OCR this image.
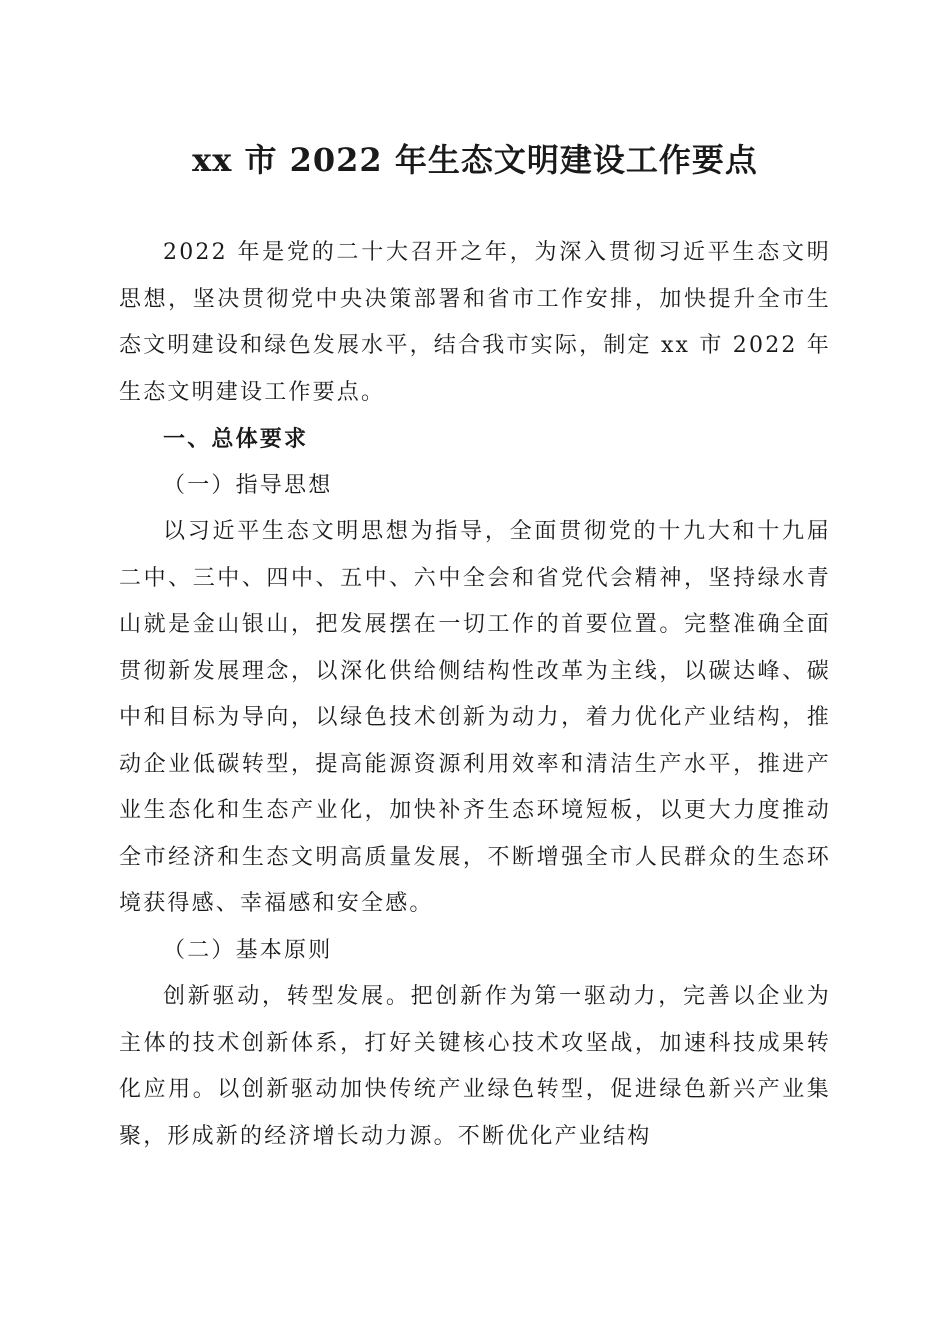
xx 市 2022 年生态文明建设工作要点

2022 年是党的二十大召开之年，为深入贯彻习近平生态文明思想，坚决贯彻党中央决策部署和省市工作安排，加快提升全市生态文明建设和绿色发展水平，结合我市实际，制定 xx 市 2022 年生态文明建设工作要点。

一、总体要求

（一）指导思想

以习近平生态文明思想为指导，全面贯彻党的十九大和十九届二中、三中、四中、五中、六中全会和省党代会精神，坚持绿水青山就是金山银山，把发展摆在一切工作的首要位置。完整准确全面贯彻新发展理念，以深化供给侧结构性改革为主线，以碳达峰、碳中和目标为导向，以绿色技术创新为动力，着力优化产业结构，推动企业低碳转型，提高能源资源利用效率和清洁生产水平，推进产业生态化和生态产业化，加快补齐生态环境短板，以更大力度推动全市经济和生态文明高质量发展，不断增强全市人民群众的生态环境获得感、幸福感和安全感。

（二）基本原则

创新驱动，转型发展。把创新作为第一驱动力，完善以企业为主体的技术创新体系，打好关键核心技术攻坚战，加速科技成果转化应用。以创新驱动加快传统产业绿色转型，促进绿色新兴产业集聚，形成新的经济增长动力源。不断优化产业结构
